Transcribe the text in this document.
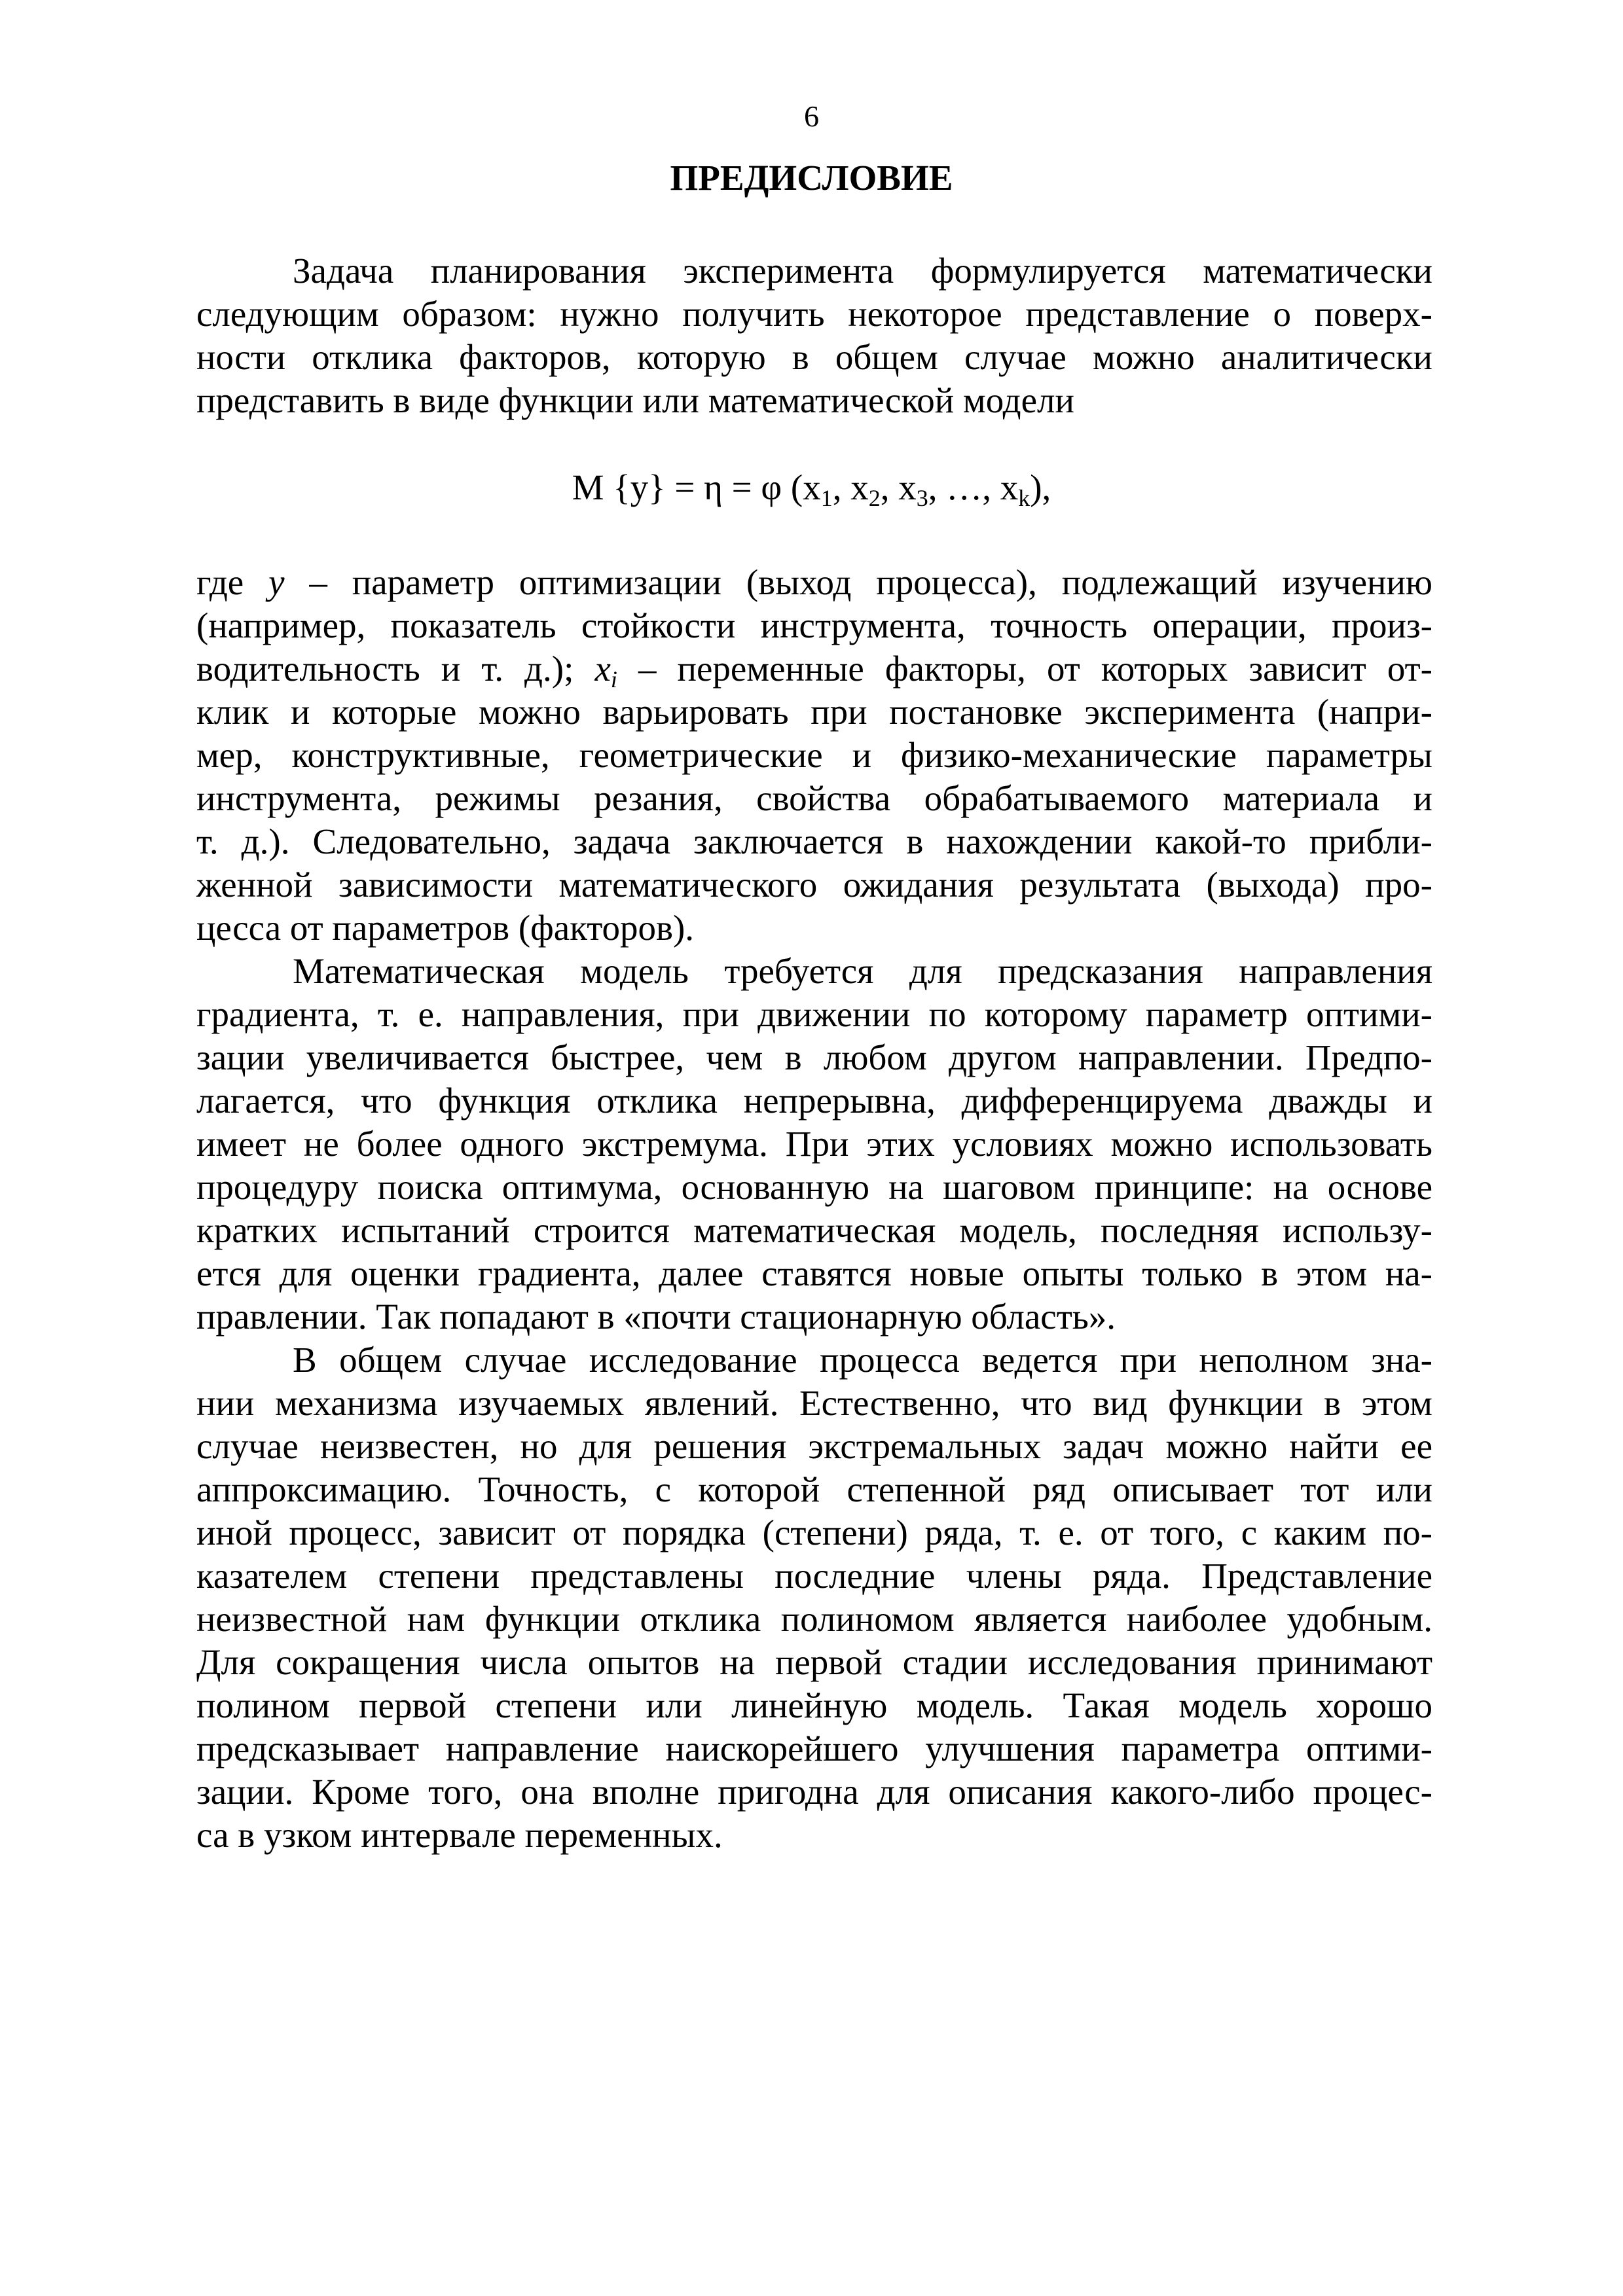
6
ПРЕДИСЛОВИЕ
Задача планирования эксперимента формулируется математически
следующим образом: нужно получить некоторое представление о поверх-
ности отклика факторов, которую в общем случае можно аналитически
представить в виде функции или математической модели
M {y} = η = φ ($x_1$, $x_2$, $x_3$, …, $x_k$),
где y – параметр оптимизации (выход процесса), подлежащий изучению
(например, показатель стойкости инструмента, точность операции, произ-
водительность и т. д.); $x_i$ – переменные факторы, от которых зависит от-
клик и которые можно варьировать при постановке эксперимента (напри-
мер, конструктивные, геометрические и физико-механические параметры
инструмента, режимы резания, свойства обрабатываемого материала и
т. д.). Следовательно, задача заключается в нахождении какой-то прибли-
женной зависимости математического ожидания результата (выхода) про-
цесса от параметров (факторов).
Математическая модель требуется для предсказания направления
градиента, т. е. направления, при движении по которому параметр оптими-
зации увеличивается быстрее, чем в любом другом направлении. Предпо-
лагается, что функция отклика непрерывна, дифференцируема дважды и
имеет не более одного экстремума. При этих условиях можно использовать
процедуру поиска оптимума, основанную на шаговом принципе: на основе
кратких испытаний строится математическая модель, последняя использу-
ется для оценки градиента, далее ставятся новые опыты только в этом на-
правлении. Так попадают в «почти стационарную область».
В общем случае исследование процесса ведется при неполном зна-
нии механизма изучаемых явлений. Естественно, что вид функции в этом
случае неизвестен, но для решения экстремальных задач можно найти ее
аппроксимацию. Точность, с которой степенной ряд описывает тот или
иной процесс, зависит от порядка (степени) ряда, т. е. от того, с каким по-
казателем степени представлены последние члены ряда. Представление
неизвестной нам функции отклика полиномом является наиболее удобным.
Для сокращения числа опытов на первой стадии исследования принимают
полином первой степени или линейную модель. Такая модель хорошо
предсказывает направление наискорейшего улучшения параметра оптими-
зации. Кроме того, она вполне пригодна для описания какого-либо процес-
са в узком интервале переменных.
